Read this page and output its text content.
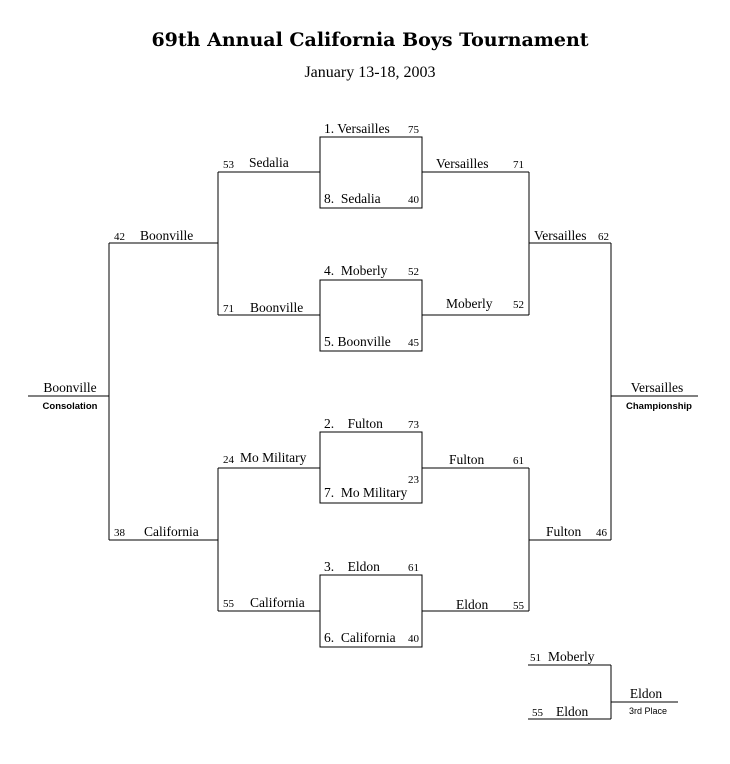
69th Annual California Boys Tournament
January 13-18, 2003
1. Versailles 75
8.  Sedalia 40
4.  Moberly 52
5. Boonville 45
2.    Fulton 73
23
7.  Mo Military
3.    Eldon	61
6.  California 40
53 Sedalia
71 Boonville
24 Mo Military
55 California
42 Boonville
38 California
Boonville
Consolation
Versailles 71
Moberly 52
Fulton	61
Eldon 55
Versailles 62
Fulton 46
Versailles
Championship
51 Moberly
55 Eldon
Eldon
3rd Place
